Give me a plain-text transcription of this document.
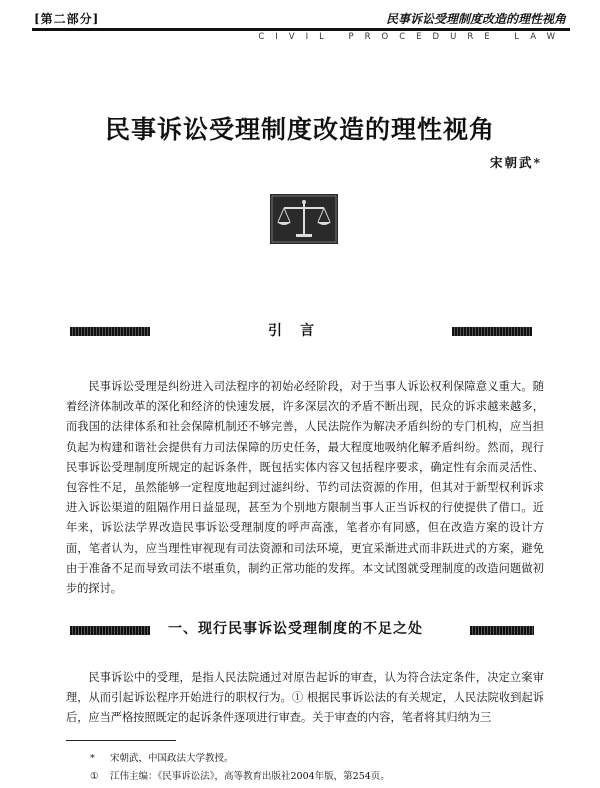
[第二部分]	民事诉讼受理制度改造的理性视角
CIVIL PROCEDURE LAW
民事诉讼受理制度改造的理性视角
宋朝武*
引言
民事诉讼受理是纠纷进入司法程序的初始必经阶段，对于当事人诉讼权利保障意义重大。随着经济体制改革的深化和经济的快速发展，许多深层次的矛盾不断出现，民众的诉求越来越多，而我国的法律体系和社会保障机制还不够完善，人民法院作为解决矛盾纠纷的专门机构，应当担负起为构建和谐社会提供有力司法保障的历史任务，最大程度地吸纳化解矛盾纠纷。然而，现行民事诉讼受理制度所规定的起诉条件，既包括实体内容又包括程序要求，确定性有余而灵活性、包容性不足，虽然能够一定程度地起到过滤纠纷、节约司法资源的作用，但其对于新型权利诉求进入诉讼渠道的阻隔作用日益显现，甚至为个别地方限制当事人正当诉权的行使提供了借口。近年来，诉讼法学界改造民事诉讼受理制度的呼声高涨，笔者亦有同感，但在改造方案的设计方面，笔者认为，应当理性审视现有司法资源和司法环境，更宜采渐进式而非跃进式的方案，避免由于准备不足而导致司法不堪重负，制约正常功能的发挥。本文试图就受理制度的改造问题做初步的探讨。
一、现行民事诉讼受理制度的不足之处
民事诉讼中的受理，是指人民法院通过对原告起诉的审查，认为符合法定条件，决定立案审理，从而引起诉讼程序开始进行的职权行为。① 根据民事诉讼法的有关规定，人民法院收到起诉后，应当严格按照既定的起诉条件逐项进行审查。关于审查的内容，笔者将其归纳为三
* 宋朝武，中国政法大学教授。
① 江伟主编：《民事诉讼法》，高等教育出版社2004年版，第254页。
